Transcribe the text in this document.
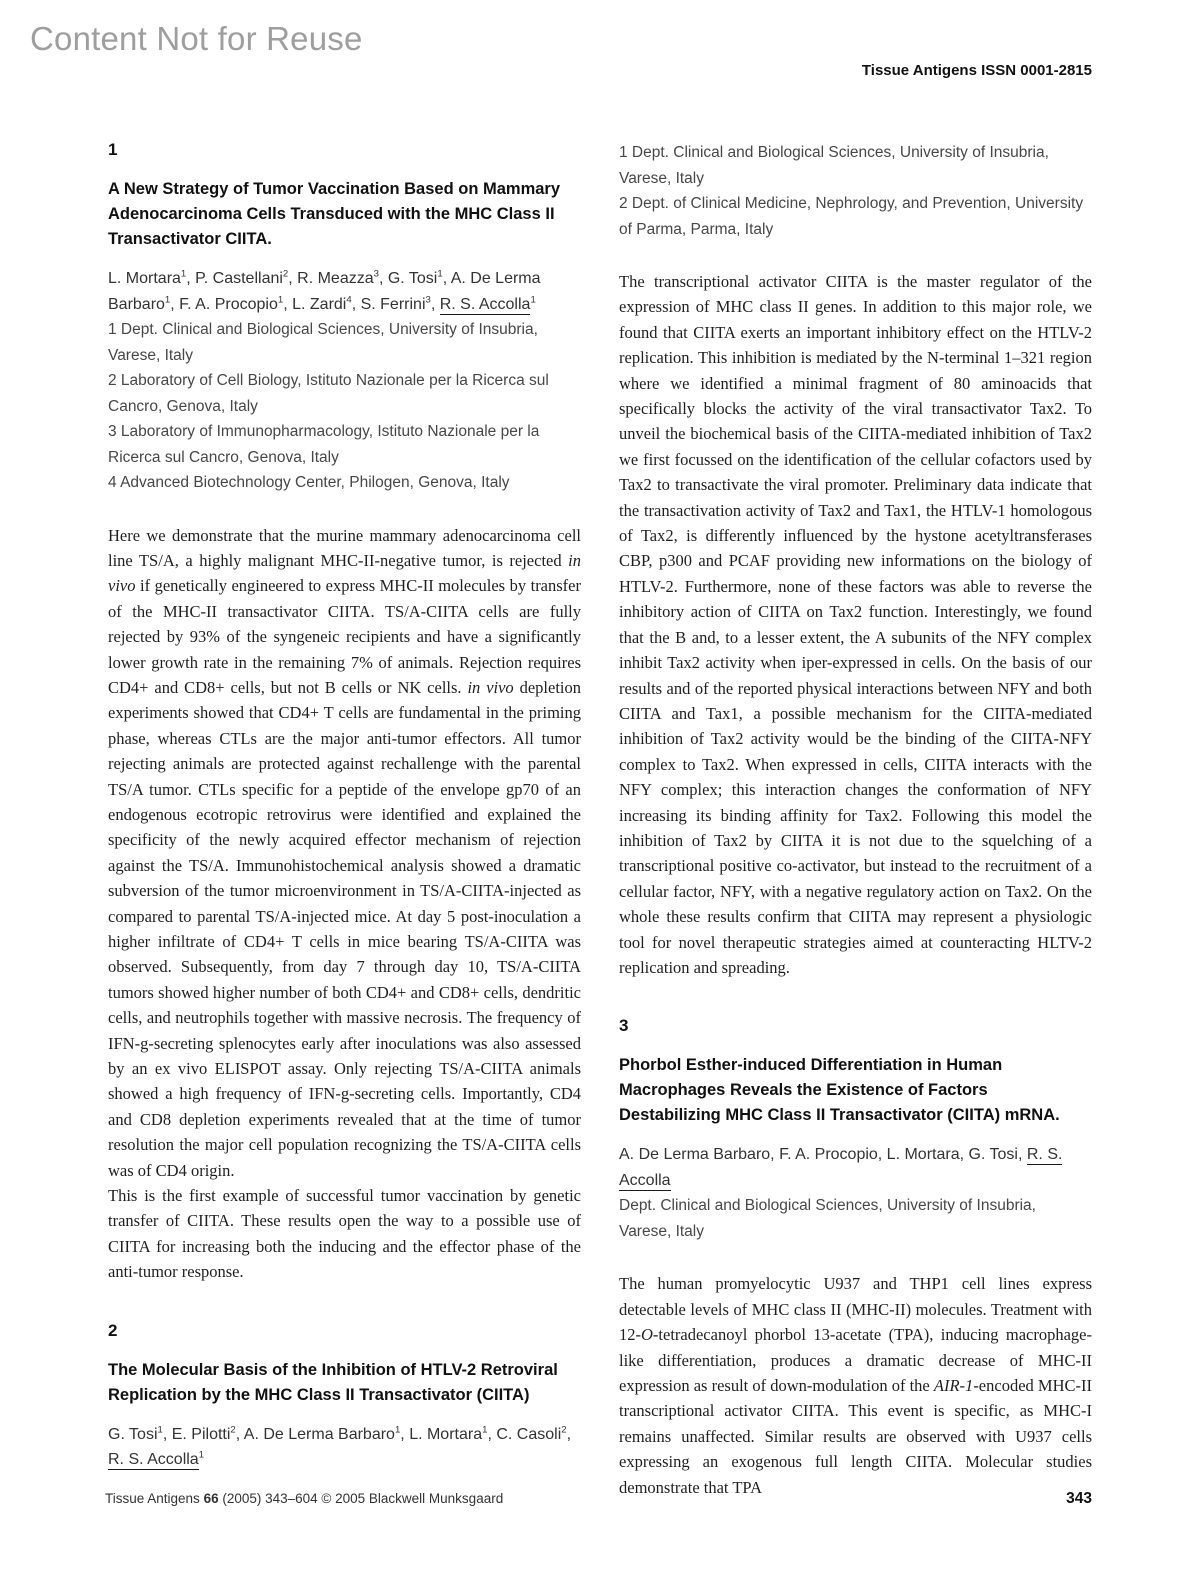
Content Not for Reuse
Tissue Antigens ISSN 0001-2815
1
A New Strategy of Tumor Vaccination Based on Mammary Adenocarcinoma Cells Transduced with the MHC Class II Transactivator CIITA.

L. Mortara$^1$, P. Castellani$^2$, R. Meazza$^3$, G. Tosi$^1$, A. De Lerma Barbaro$^1$, F. A. Procopio$^1$, L. Zardi$^4$, S. Ferrini$^3$, R. S. Accolla$^1$

1 Dept. Clinical and Biological Sciences, University of Insubria, Varese, Italy
2 Laboratory of Cell Biology, Istituto Nazionale per la Ricerca sul Cancro, Genova, Italy
3 Laboratory of Immunopharmacology, Istituto Nazionale per la Ricerca sul Cancro, Genova, Italy
4 Advanced Biotechnology Center, Philogen, Genova, Italy

Here we demonstrate that the murine mammary adenocarcinoma cell line TS/A, a highly malignant MHC-II-negative tumor, is rejected in vivo if genetically engineered to express MHC-II molecules by transfer of the MHC-II transactivator CIITA. TS/A-CIITA cells are fully rejected by 93% of the syngeneic recipients and have a significantly lower growth rate in the remaining 7% of animals. Rejection requires CD4+ and CD8+ cells, but not B cells or NK cells. in vivo depletion experiments showed that CD4+ T cells are fundamental in the priming phase, whereas CTLs are the major anti-tumor effectors. All tumor rejecting animals are protected against rechallenge with the parental TS/A tumor. CTLs specific for a peptide of the envelope gp70 of an endogenous ecotropic retrovirus were identified and explained the specificity of the newly acquired effector mechanism of rejection against the TS/A. Immunohistochemical analysis showed a dramatic subversion of the tumor microenvironment in TS/A-CIITA-injected as compared to parental TS/A-injected mice. At day 5 post-inoculation a higher infiltrate of CD4+ T cells in mice bearing TS/A-CIITA was observed. Subsequently, from day 7 through day 10, TS/A-CIITA tumors showed higher number of both CD4+ and CD8+ cells, dendritic cells, and neutrophils together with massive necrosis. The frequency of IFN-g-secreting splenocytes early after inoculations was also assessed by an ex vivo ELISPOT assay. Only rejecting TS/A-CIITA animals showed a high frequency of IFN-g-secreting cells. Importantly, CD4 and CD8 depletion experiments revealed that at the time of tumor resolution the major cell population recognizing the TS/A-CIITA cells was of CD4 origin.

This is the first example of successful tumor vaccination by genetic transfer of CIITA. These results open the way to a possible use of CIITA for increasing both the inducing and the effector phase of the anti-tumor response.

2
The Molecular Basis of the Inhibition of HTLV-2 Retroviral Replication by the MHC Class II Transactivator (CIITA)

G. Tosi$^1$, E. Pilotti$^2$, A. De Lerma Barbaro$^1$, L. Mortara$^1$, C. Casoli$^2$, R. S. Accolla$^1$

1 Dept. Clinical and Biological Sciences, University of Insubria, Varese, Italy
2 Dept. of Clinical Medicine, Nephrology, and Prevention, University of Parma, Parma, Italy

The transcriptional activator CIITA is the master regulator of the expression of MHC class II genes. In addition to this major role, we found that CIITA exerts an important inhibitory effect on the HTLV-2 replication. This inhibition is mediated by the N-terminal 1–321 region where we identified a minimal fragment of 80 aminoacids that specifically blocks the activity of the viral transactivator Tax2. To unveil the biochemical basis of the CIITA-mediated inhibition of Tax2 we first focussed on the identification of the cellular cofactors used by Tax2 to transactivate the viral promoter. Preliminary data indicate that the transactivation activity of Tax2 and Tax1, the HTLV-1 homologous of Tax2, is differently influenced by the hystone acetyltransferases CBP, p300 and PCAF providing new informations on the biology of HTLV-2. Furthermore, none of these factors was able to reverse the inhibitory action of CIITA on Tax2 function. Interestingly, we found that the B and, to a lesser extent, the A subunits of the NFY complex inhibit Tax2 activity when iper-expressed in cells. On the basis of our results and of the reported physical interactions between NFY and both CIITA and Tax1, a possible mechanism for the CIITA-mediated inhibition of Tax2 activity would be the binding of the CIITA-NFY complex to Tax2. When expressed in cells, CIITA interacts with the NFY complex; this interaction changes the conformation of NFY increasing its binding affinity for Tax2. Following this model the inhibition of Tax2 by CIITA it is not due to the squelching of a transcriptional positive co-activator, but instead to the recruitment of a cellular factor, NFY, with a negative regulatory action on Tax2. On the whole these results confirm that CIITA may represent a physiologic tool for novel therapeutic strategies aimed at counteracting HLTV-2 replication and spreading.

3
Phorbol Esther-induced Differentiation in Human Macrophages Reveals the Existence of Factors Destabilizing MHC Class II Transactivator (CIITA) mRNA.

A. De Lerma Barbaro, F. A. Procopio, L. Mortara, G. Tosi, R. S. Accolla

Dept. Clinical and Biological Sciences, University of Insubria, Varese, Italy

The human promyelocytic U937 and THP1 cell lines express detectable levels of MHC class II (MHC-II) molecules. Treatment with 12-O-tetradecanoyl phorbol 13-acetate (TPA), inducing macrophage-like differentiation, produces a dramatic decrease of MHC-II expression as result of down-modulation of the AIR-1-encoded MHC-II transcriptional activator CIITA. This event is specific, as MHC-I remains unaffected. Similar results are observed with U937 cells expressing an exogenous full length CIITA. Molecular studies demonstrate that TPA

Tissue Antigens 66 (2005) 343–604 © 2005 Blackwell Munksgaard	343
